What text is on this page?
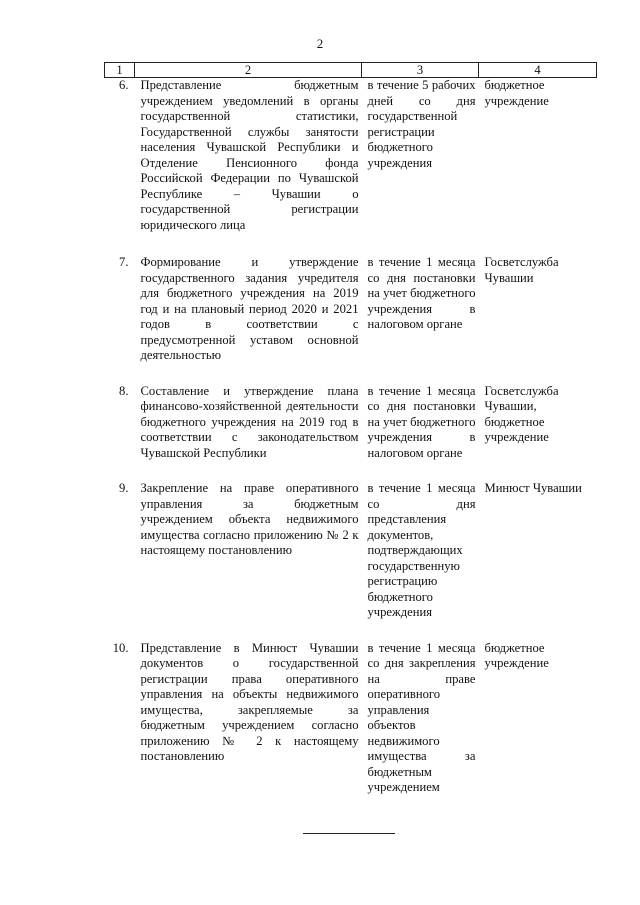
2
1	2	3	4
6.	Представление бюджетным учреждением уведомлений в органы государственной статистики, Государственной службы занятости населения Чувашской Республики и Отделение Пенсионного фонда Российской Федерации по Чувашской Республике – Чувашии о государственной регистрации юридического лица	в течение 5 рабочих дней со дня государственной регистрации бюджетного учреждения	бюджетное учреждение
7.	Формирование и утверждение государственного задания учредителя для бюджетного учреждения на 2019 год и на плановый период 2020 и 2021 годов в соответствии с предусмотренной уставом основной деятельностью	в течение 1 месяца со дня постановки на учет бюджетного учреждения в налоговом органе	Госветслужба Чувашии
8.	Составление и утверждение плана финансово-хозяйственной деятельности бюджетного учреждения на 2019 год в соответствии с законодательством Чувашской Республики	в течение 1 месяца со дня постановки на учет бюджетного учреждения в налоговом органе	Госветслужба Чувашии, бюджетное учреждение
9.	Закрепление на праве оперативного управления за бюджетным учреждением объекта недвижимого имущества согласно приложению № 2 к настоящему постановлению	в течение 1 месяца со дня представления документов, подтверждающих государственную регистрацию бюджетного учреждения	Минюст Чувашии
10.	Представление в Минюст Чувашии документов о государственной регистрации права оперативного управления на объекты недвижимого имущества, закрепляемые за бюджетным учреждением согласно приложению № 2 к настоящему постановлению	в течение 1 месяца со дня закрепления на праве оперативного управления объектов недвижимого имущества за бюджетным учреждением	бюджетное учреждение
